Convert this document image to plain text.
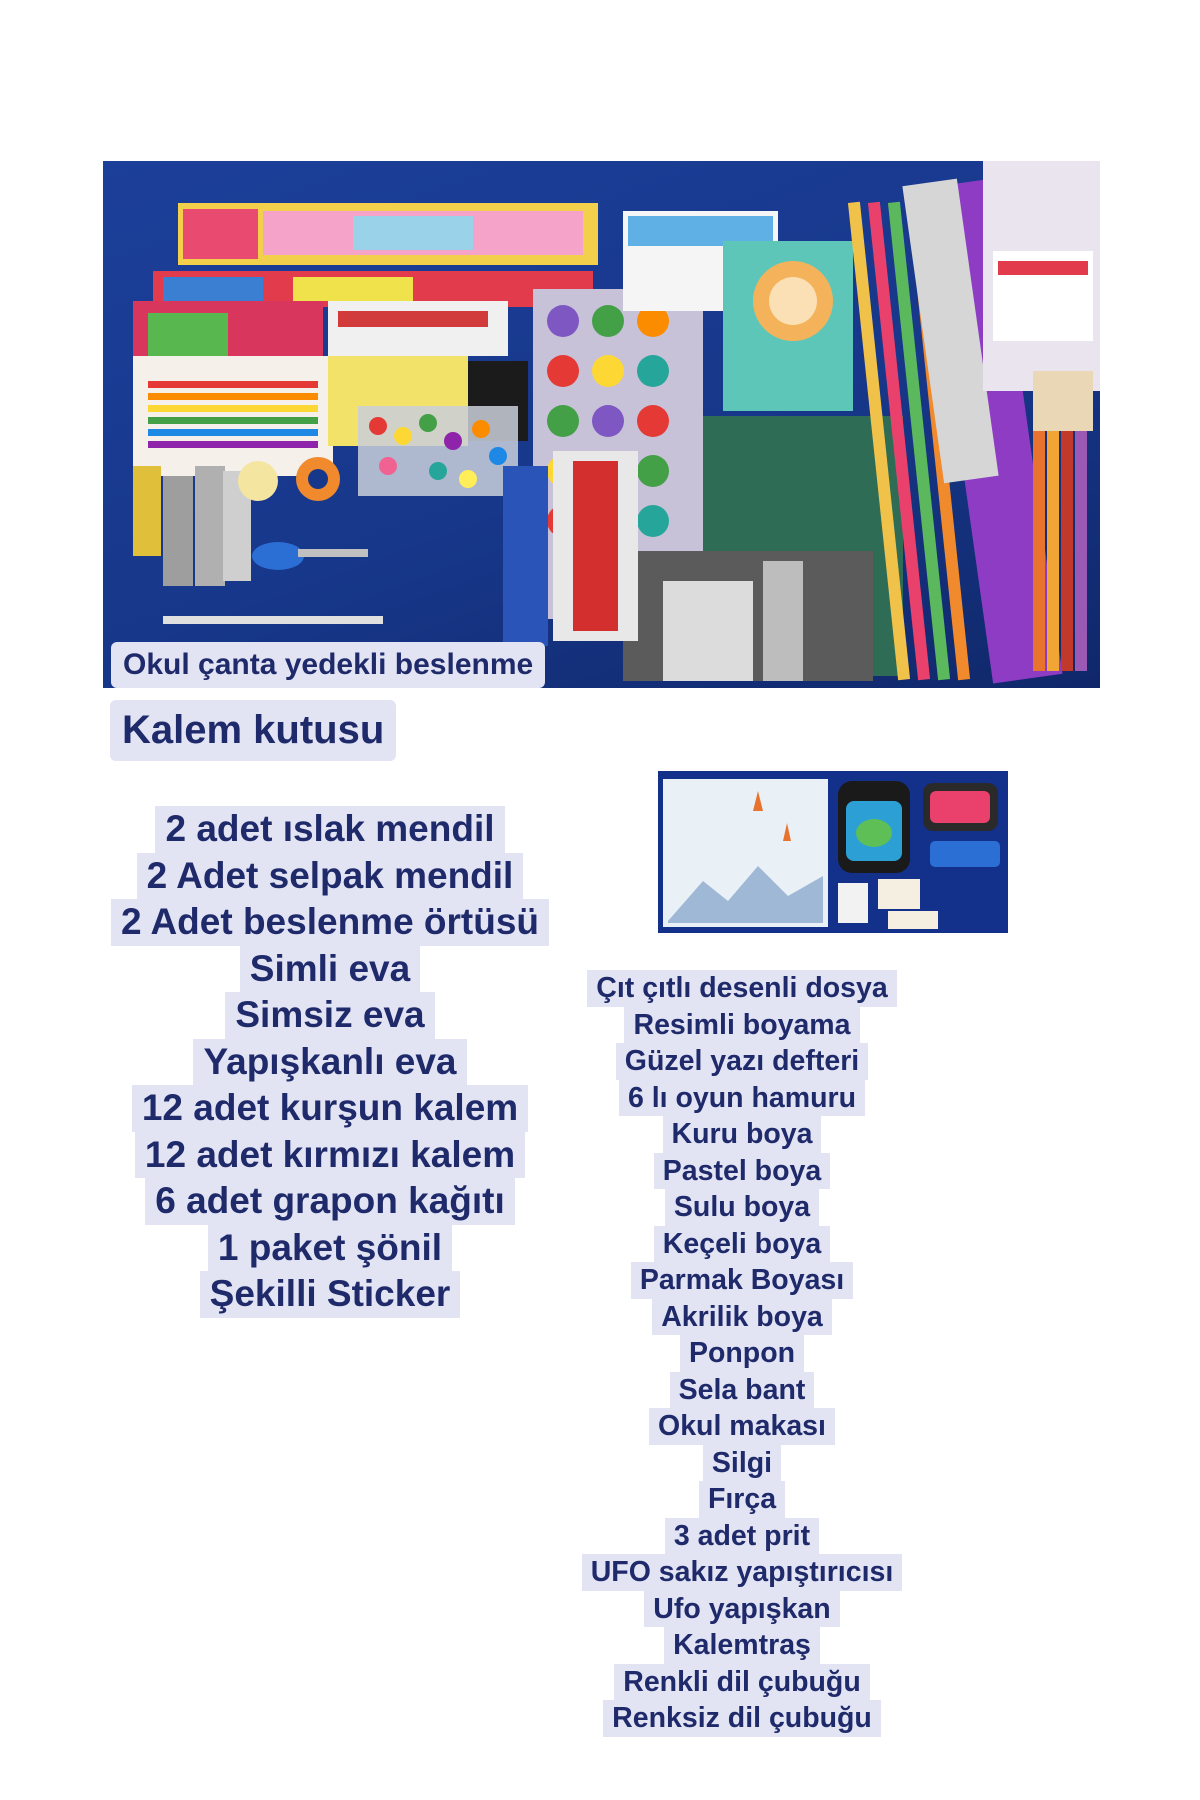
Okul çanta yedekli beslenme
Kalem kutusu
2 adet ıslak mendil
2 Adet selpak mendil
2 Adet beslenme örtüsü
Simli eva
Simsiz eva
Yapışkanlı eva
12 adet kurşun kalem
12 adet kırmızı kalem
6 adet grapon kağıtı
1 paket şönil
Şekilli Sticker
Çıt çıtlı desenli dosya
Resimli boyama
Güzel yazı defteri
6 lı oyun hamuru
Kuru boya
Pastel boya
Sulu boya
Keçeli boya
Parmak Boyası
Akrilik boya
Ponpon
Sela bant
Okul makası
Silgi
Fırça
3 adet prit
UFO sakız yapıştırıcısı
Ufo yapışkan
Kalemtraş
Renkli dil çubuğu
Renksiz dil çubuğu
